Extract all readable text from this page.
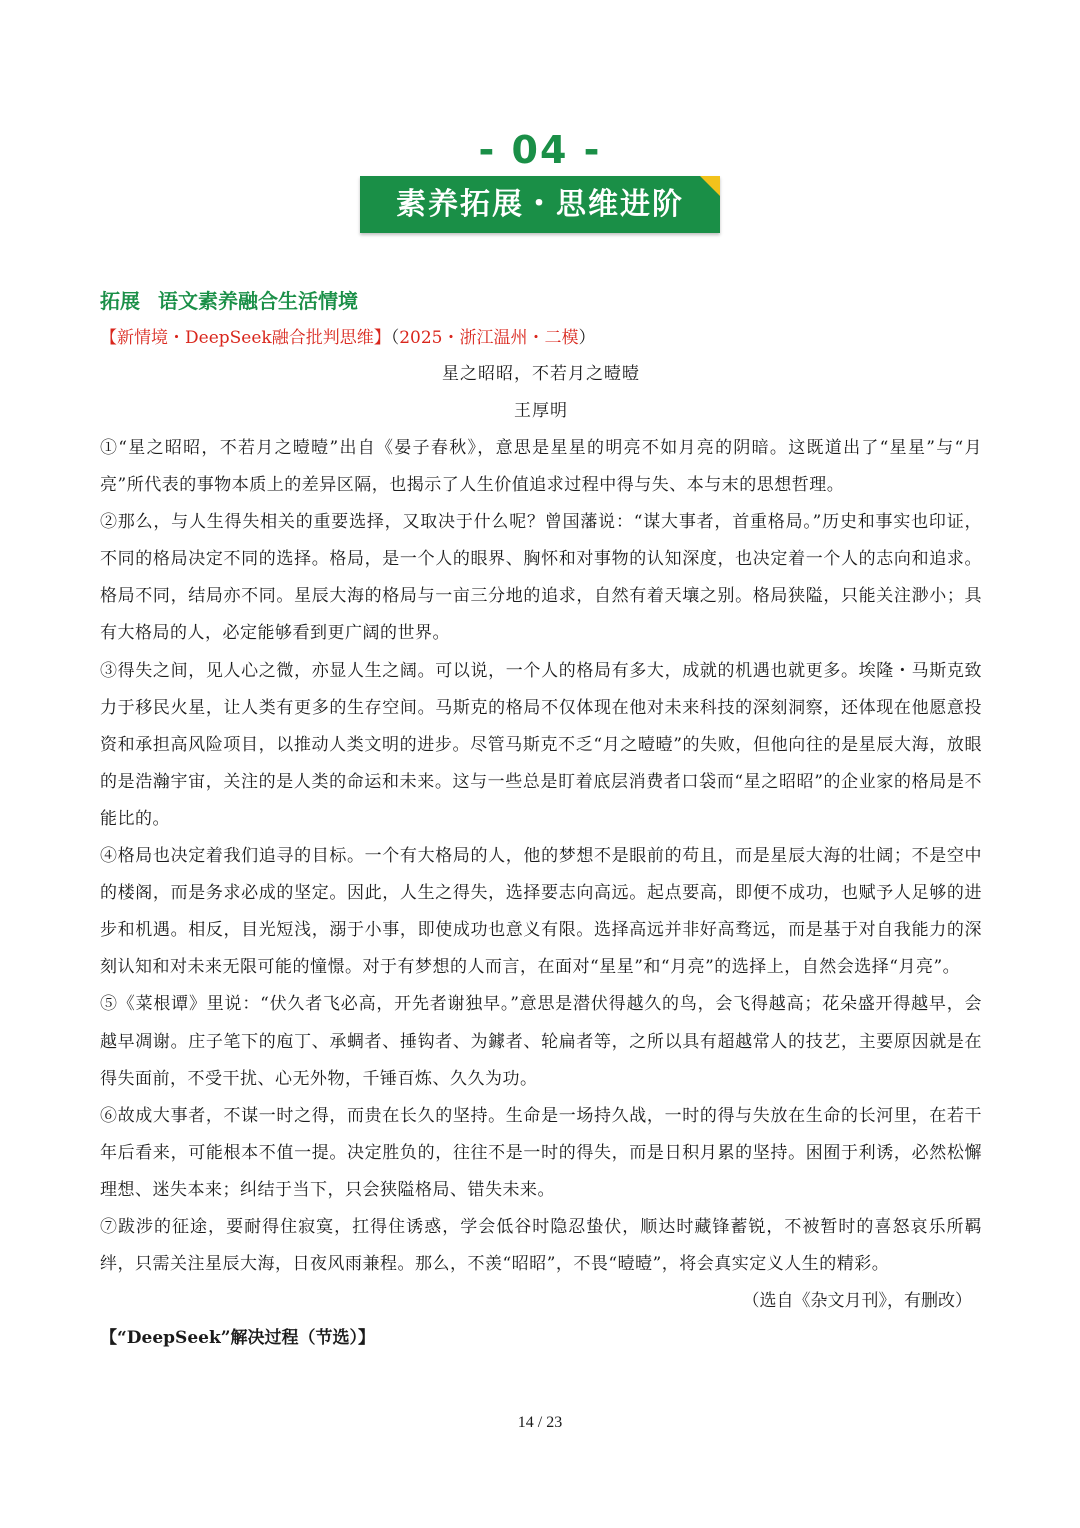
- 04 -
素养拓展・思维进阶
拓展 语文素养融合生活情境
【新情境・DeepSeek融合批判思维】（2025・浙江温州・二模）
星之昭昭，不若月之曀曀
王厚明

①“星之昭昭，不若月之曀曀”出自《晏子春秋》，意思是星星的明亮不如月亮的阴暗。这既道出了“星星”与“月亮”所代表的事物本质上的差异区隔，也揭示了人生价值追求过程中得与失、本与末的思想哲理。

②那么，与人生得失相关的重要选择，又取决于什么呢？曾国藩说：“谋大事者，首重格局。”历史和事实也印证，不同的格局决定不同的选择。格局，是一个人的眼界、胸怀和对事物的认知深度，也决定着一个人的志向和追求。格局不同，结局亦不同。星辰大海的格局与一亩三分地的追求，自然有着天壤之别。格局狭隘，只能关注渺小；具有大格局的人，必定能够看到更广阔的世界。

③得失之间，见人心之微，亦显人生之阔。可以说，一个人的格局有多大，成就的机遇也就更多。埃隆・马斯克致力于移民火星，让人类有更多的生存空间。马斯克的格局不仅体现在他对未来科技的深刻洞察，还体现在他愿意投资和承担高风险项目，以推动人类文明的进步。尽管马斯克不乏“月之曀曀”的失败，但他向往的是星辰大海，放眼的是浩瀚宇宙，关注的是人类的命运和未来。这与一些总是盯着底层消费者口袋而“星之昭昭”的企业家的格局是不能比的。

④格局也决定着我们追寻的目标。一个有大格局的人，他的梦想不是眼前的苟且，而是星辰大海的壮阔；不是空中的楼阁，而是务求必成的坚定。因此，人生之得失，选择要志向高远。起点要高，即便不成功，也赋予人足够的进步和机遇。相反，目光短浅，溺于小事，即使成功也意义有限。选择高远并非好高骛远，而是基于对自我能力的深刻认知和对未来无限可能的憧憬。对于有梦想的人而言，在面对“星星”和“月亮”的选择上，自然会选择“月亮”。

⑤《菜根谭》里说：“伏久者飞必高，开先者谢独早。”意思是潜伏得越久的鸟，会飞得越高；花朵盛开得越早，会越早凋谢。庄子笔下的庖丁、承蜩者、捶钩者、为鐻者、轮扁者等，之所以具有超越常人的技艺，主要原因就是在得失面前，不受干扰、心无外物，千锤百炼、久久为功。

⑥故成大事者，不谋一时之得，而贵在长久的坚持。生命是一场持久战，一时的得与失放在生命的长河里，在若干年后看来，可能根本不值一提。决定胜负的，往往不是一时的得失，而是日积月累的坚持。困囿于利诱，必然松懈理想、迷失本来；纠结于当下，只会狭隘格局、错失未来。

⑦跋涉的征途，要耐得住寂寞，扛得住诱惑，学会低谷时隐忍蛰伏，顺达时藏锋蓄锐，不被暂时的喜怒哀乐所羁绊，只需关注星辰大海，日夜风雨兼程。那么，不羡“昭昭”，不畏“曀曀”，将会真实定义人生的精彩。

（选自《杂文月刊》，有删改）
【“DeepSeek”解决过程（节选）】
14 / 23
